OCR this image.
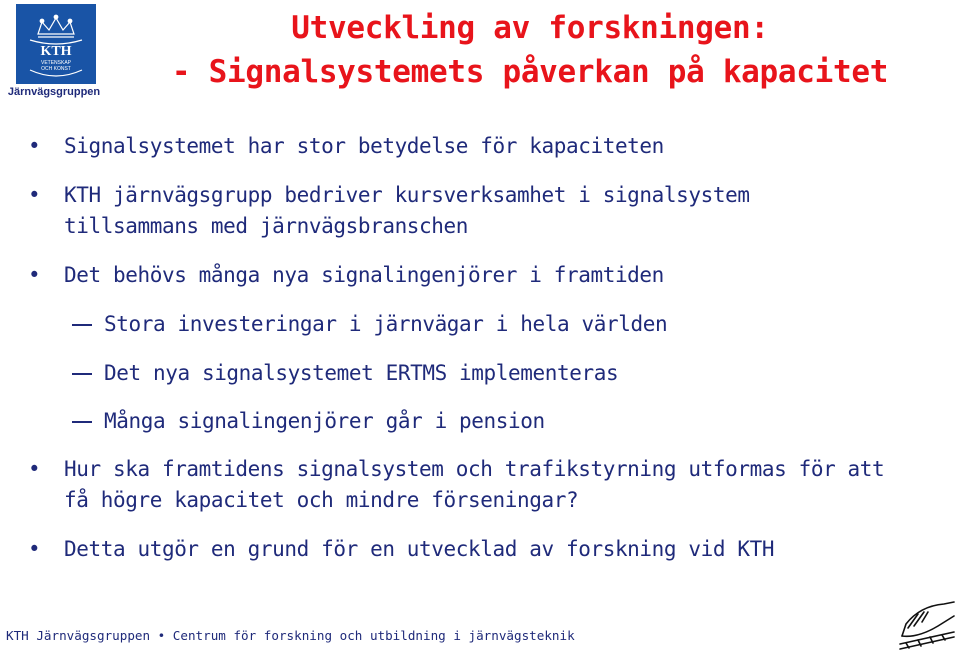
KTH
VETENSKAP
OCH KONST
Järnvägsgruppen
Utveckling av forskningen:
- Signalsystemets påverkan på kapacitet
•	Signalsystemet har stor betydelse för kapaciteten
•	KTH järnvägsgrupp bedriver kursverksamhet i signalsystem
tillsammans med järnvägsbranschen
•	Det behövs många nya signalingenjörer i framtiden
Stora investeringar i järnvägar i hela världen
Det nya signalsystemet ERTMS implementeras
Många signalingenjörer går i pension
•	Hur ska framtidens signalsystem och trafikstyrning utformas för att
få högre kapacitet och mindre förseningar?
•	Detta utgör en grund för en utvecklad av forskning vid KTH
KTH Järnvägsgruppen • Centrum för forskning och utbildning i järnvägsteknik
